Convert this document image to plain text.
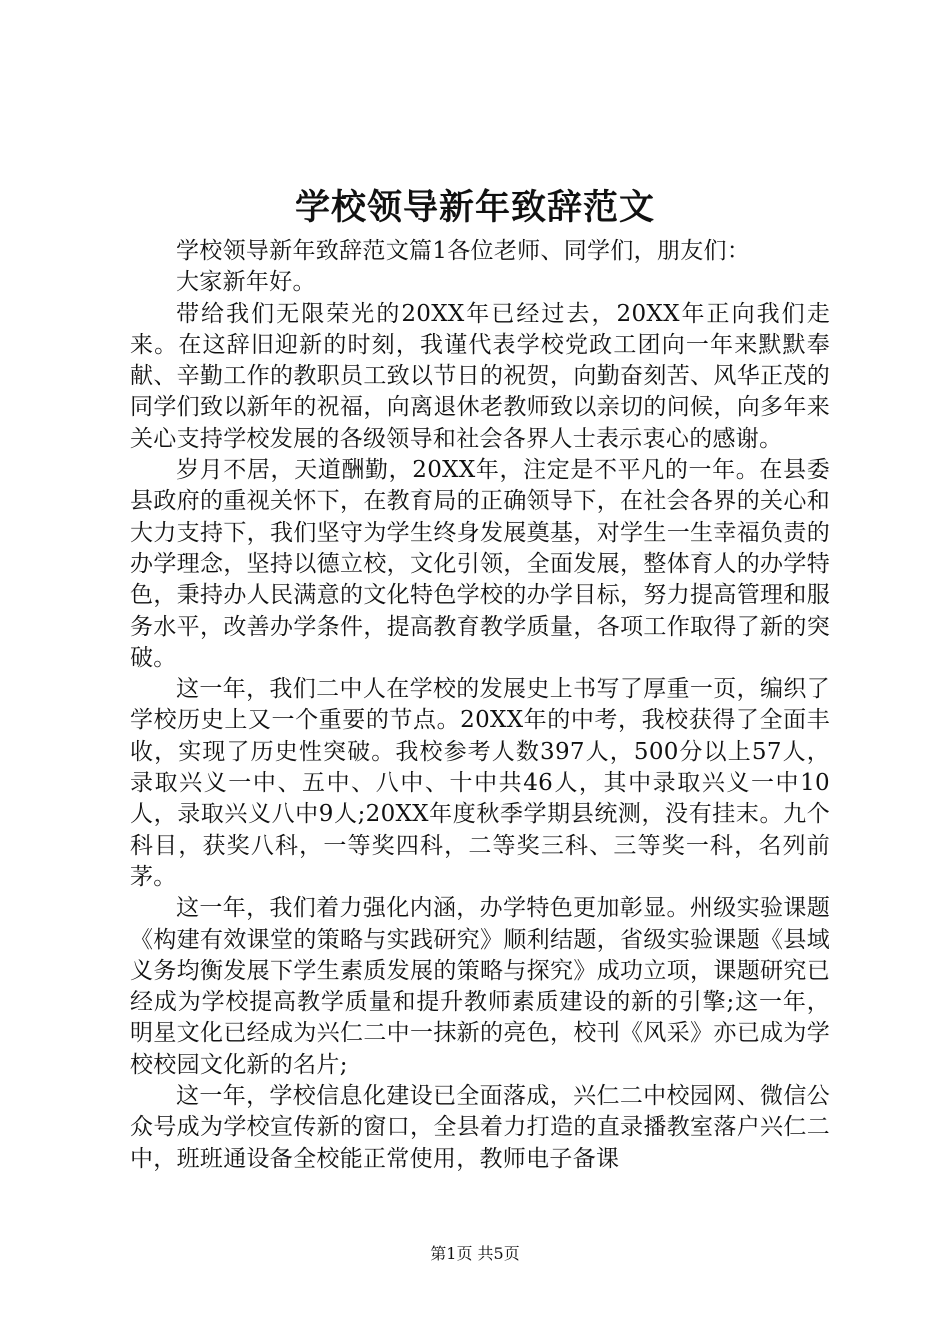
学校领导新年致辞范文

学校领导新年致辞范文篇1各位老师、同学们，朋友们：

大家新年好。

带给我们无限荣光的20XX年已经过去，20XX年正向我们走来。在这辞旧迎新的时刻，我谨代表学校党政工团向一年来默默奉献、辛勤工作的教职员工致以节日的祝贺，向勤奋刻苦、风华正茂的同学们致以新年的祝福，向离退休老教师致以亲切的问候，向多年来关心支持学校发展的各级领导和社会各界人士表示衷心的感谢。

岁月不居，天道酬勤，20XX年，注定是不平凡的一年。在县委县政府的重视关怀下，在教育局的正确领导下，在社会各界的关心和大力支持下，我们坚守为学生终身发展奠基，对学生一生幸福负责的办学理念，坚持以德立校，文化引领，全面发展，整体育人的办学特色，秉持办人民满意的文化特色学校的办学目标，努力提高管理和服务水平，改善办学条件，提高教育教学质量，各项工作取得了新的突破。

这一年，我们二中人在学校的发展史上书写了厚重一页，编织了学校历史上又一个重要的节点。20XX年的中考，我校获得了全面丰收，实现了历史性突破。我校参考人数397人，500分以上57人，录取兴义一中、五中、八中、十中共46人，其中录取兴义一中10人，录取兴义八中9人;20XX年度秋季学期县统测，没有挂末。九个科目，获奖八科，一等奖四科，二等奖三科、三等奖一科，名列前茅。

这一年，我们着力强化内涵，办学特色更加彰显。州级实验课题《构建有效课堂的策略与实践研究》顺利结题，省级实验课题《县域义务均衡发展下学生素质发展的策略与探究》成功立项，课题研究已经成为学校提高教学质量和提升教师素质建设的新的引擎;这一年，明星文化已经成为兴仁二中一抹新的亮色，校刊《风采》亦已成为学校校园文化新的名片;

这一年，学校信息化建设已全面落成，兴仁二中校园网、微信公众号成为学校宣传新的窗口，全县着力打造的直录播教室落户兴仁二中，班班通设备全校能正常使用，教师电子备课

第1页 共5页
